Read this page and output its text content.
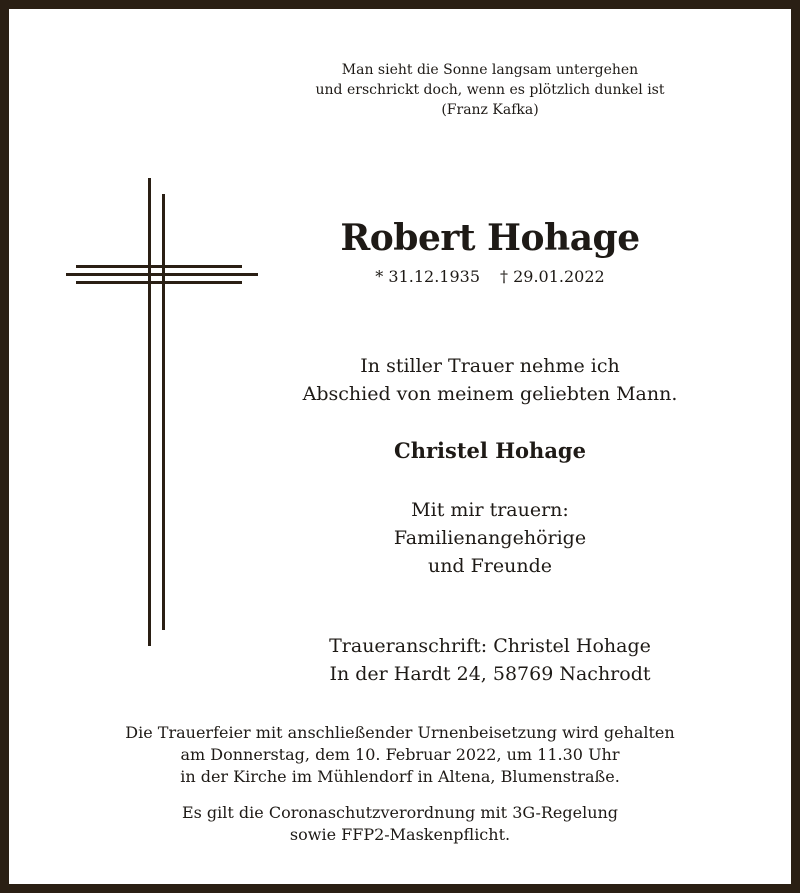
Man sieht die Sonne langsam untergehen
und erschrickt doch, wenn es plötzlich dunkel ist
(Franz Kafka)
Robert Hohage
* 31.12.1935 † 29.01.2022
In stiller Trauer nehme ich
Abschied von meinem geliebten Mann.
Christel Hohage
Mit mir trauern:
Familienangehörige
und Freunde
Traueranschrift: Christel Hohage
In der Hardt 24, 58769 Nachrodt
Die Trauerfeier mit anschließender Urnenbeisetzung wird gehalten
am Donnerstag, dem 10. Februar 2022, um 11.30 Uhr
in der Kirche im Mühlendorf in Altena, Blumenstraße.
Es gilt die Coronaschutzverordnung mit 3G-Regelung
sowie FFP2-Maskenpflicht.
